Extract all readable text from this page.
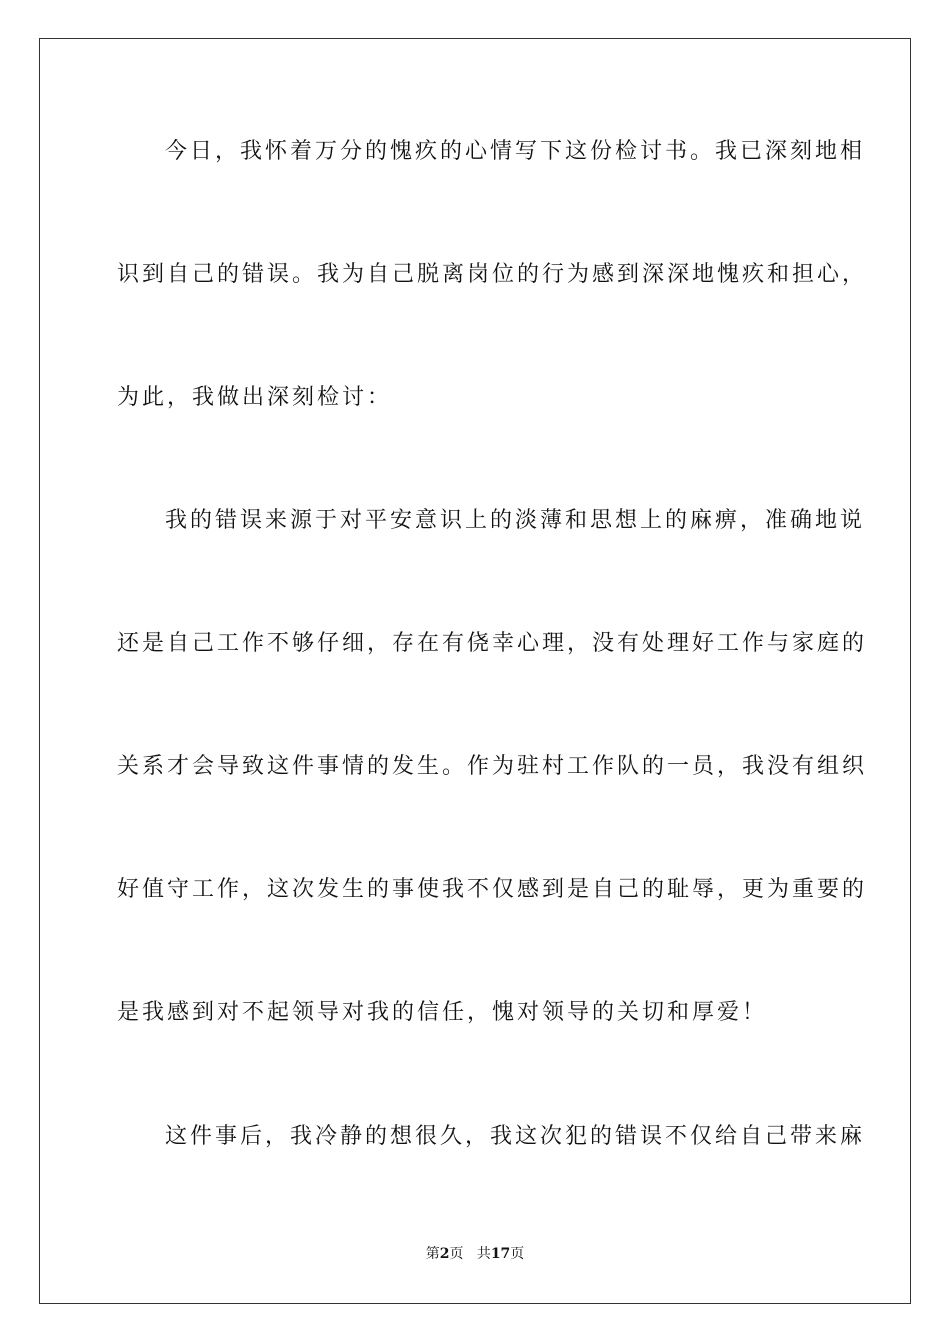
今日，我怀着万分的愧疚的心情写下这份检讨书。我已深刻地相
识到自己的错误。我为自己脱离岗位的行为感到深深地愧疚和担心，
为此，我做出深刻检讨：
我的错误来源于对平安意识上的淡薄和思想上的麻痹，准确地说
还是自己工作不够仔细，存在有侥幸心理，没有处理好工作与家庭的
关系才会导致这件事情的发生。作为驻村工作队的一员，我没有组织
好值守工作，这次发生的事使我不仅感到是自己的耻辱，更为重要的
是我感到对不起领导对我的信任，愧对领导的关切和厚爱！
这件事后，我冷静的想很久，我这次犯的错误不仅给自己带来麻
第2页 共17页
